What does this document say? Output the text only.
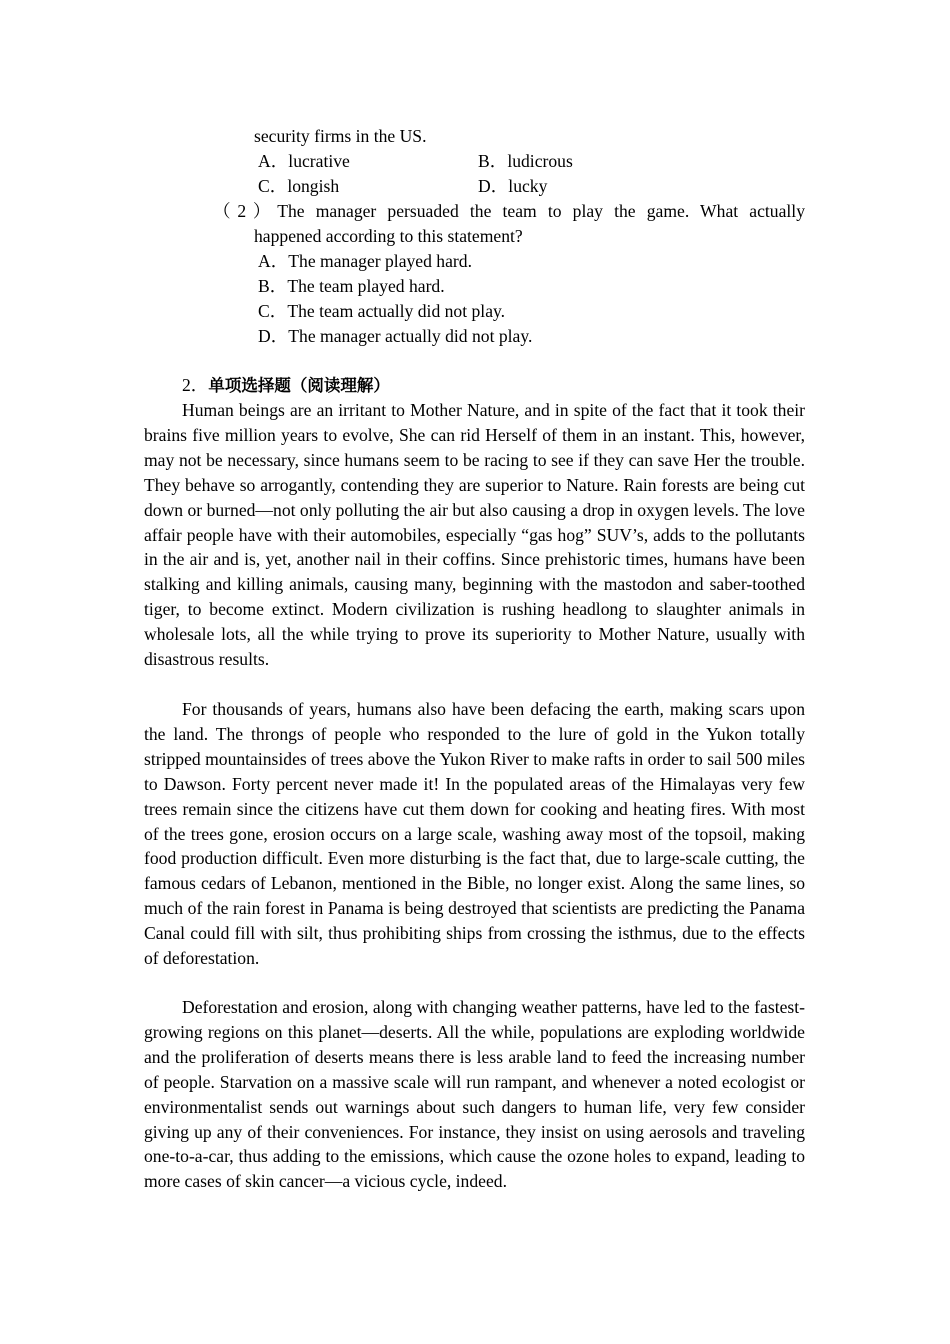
security firms in the US.
A．lucrative	B．ludicrous
C．longish	D．lucky
（2）The manager persuaded the team to play the game. What actually
happened according to this statement?
A．The manager played hard.
B．The team played hard.
C．The team actually did not play.
D．The manager actually did not play.
2．单项选择题（阅读理解）

Human beings are an irritant to Mother Nature, and in spite of the fact that it took their brains five million years to evolve, She can rid Herself of them in an instant. This, however, may not be necessary, since humans seem to be racing to see if they can save Her the trouble. They behave so arrogantly, contending they are superior to Nature. Rain forests are being cut down or burned—not only polluting the air but also causing a drop in oxygen levels. The love affair people have with their automobiles, especially “gas hog” SUV’s, adds to the pollutants in the air and is, yet, another nail in their coffins. Since prehistoric times, humans have been stalking and killing animals, causing many, beginning with the mastodon and saber-toothed tiger, to become extinct. Modern civilization is rushing headlong to slaughter animals in wholesale lots, all the while trying to prove its superiority to Mother Nature, usually with disastrous results.

For thousands of years, humans also have been defacing the earth, making scars upon the land. The throngs of people who responded to the lure of gold in the Yukon totally stripped mountainsides of trees above the Yukon River to make rafts in order to sail 500 miles to Dawson. Forty percent never made it! In the populated areas of the Himalayas very few trees remain since the citizens have cut them down for cooking and heating fires. With most of the trees gone, erosion occurs on a large scale, washing away most of the topsoil, making food production difficult. Even more disturbing is the fact that, due to large-scale cutting, the famous cedars of Lebanon, mentioned in the Bible, no longer exist. Along the same lines, so much of the rain forest in Panama is being destroyed that scientists are predicting the Panama Canal could fill with silt, thus prohibiting ships from crossing the isthmus, due to the effects of deforestation.

Deforestation and erosion, along with changing weather patterns, have led to the fastest-growing regions on this planet—deserts. All the while, populations are exploding worldwide and the proliferation of deserts means there is less arable land to feed the increasing number of people. Starvation on a massive scale will run rampant, and whenever a noted ecologist or environmentalist sends out warnings about such dangers to human life, very few consider giving up any of their conveniences. For instance, they insist on using aerosols and traveling one-to-a-car, thus adding to the emissions, which cause the ozone holes to expand, leading to more cases of skin cancer—a vicious cycle, indeed.
